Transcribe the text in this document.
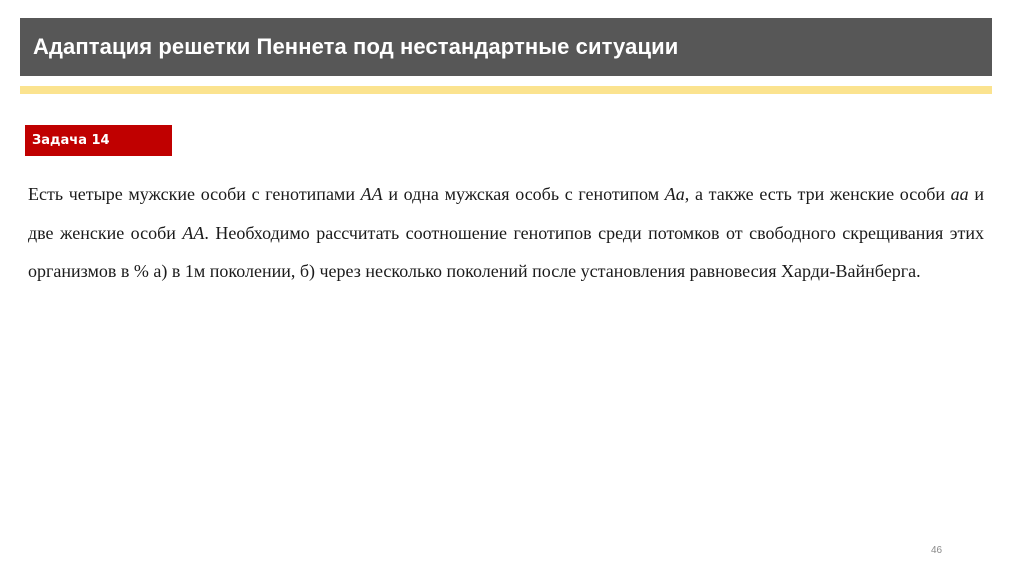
Адаптация решетки Пеннета под нестандартные ситуации
Задача 14

Есть четыре мужские особи с генотипами AA и одна мужская особь с генотипом Aa, а также есть три женские особи aa и две женские особи AA. Необходимо рассчитать соотношение генотипов среди потомков от свободного скрещивания этих организмов в % а) в 1м поколении, б) через несколько поколений после установления равновесия Харди-Вайнберга.

46
